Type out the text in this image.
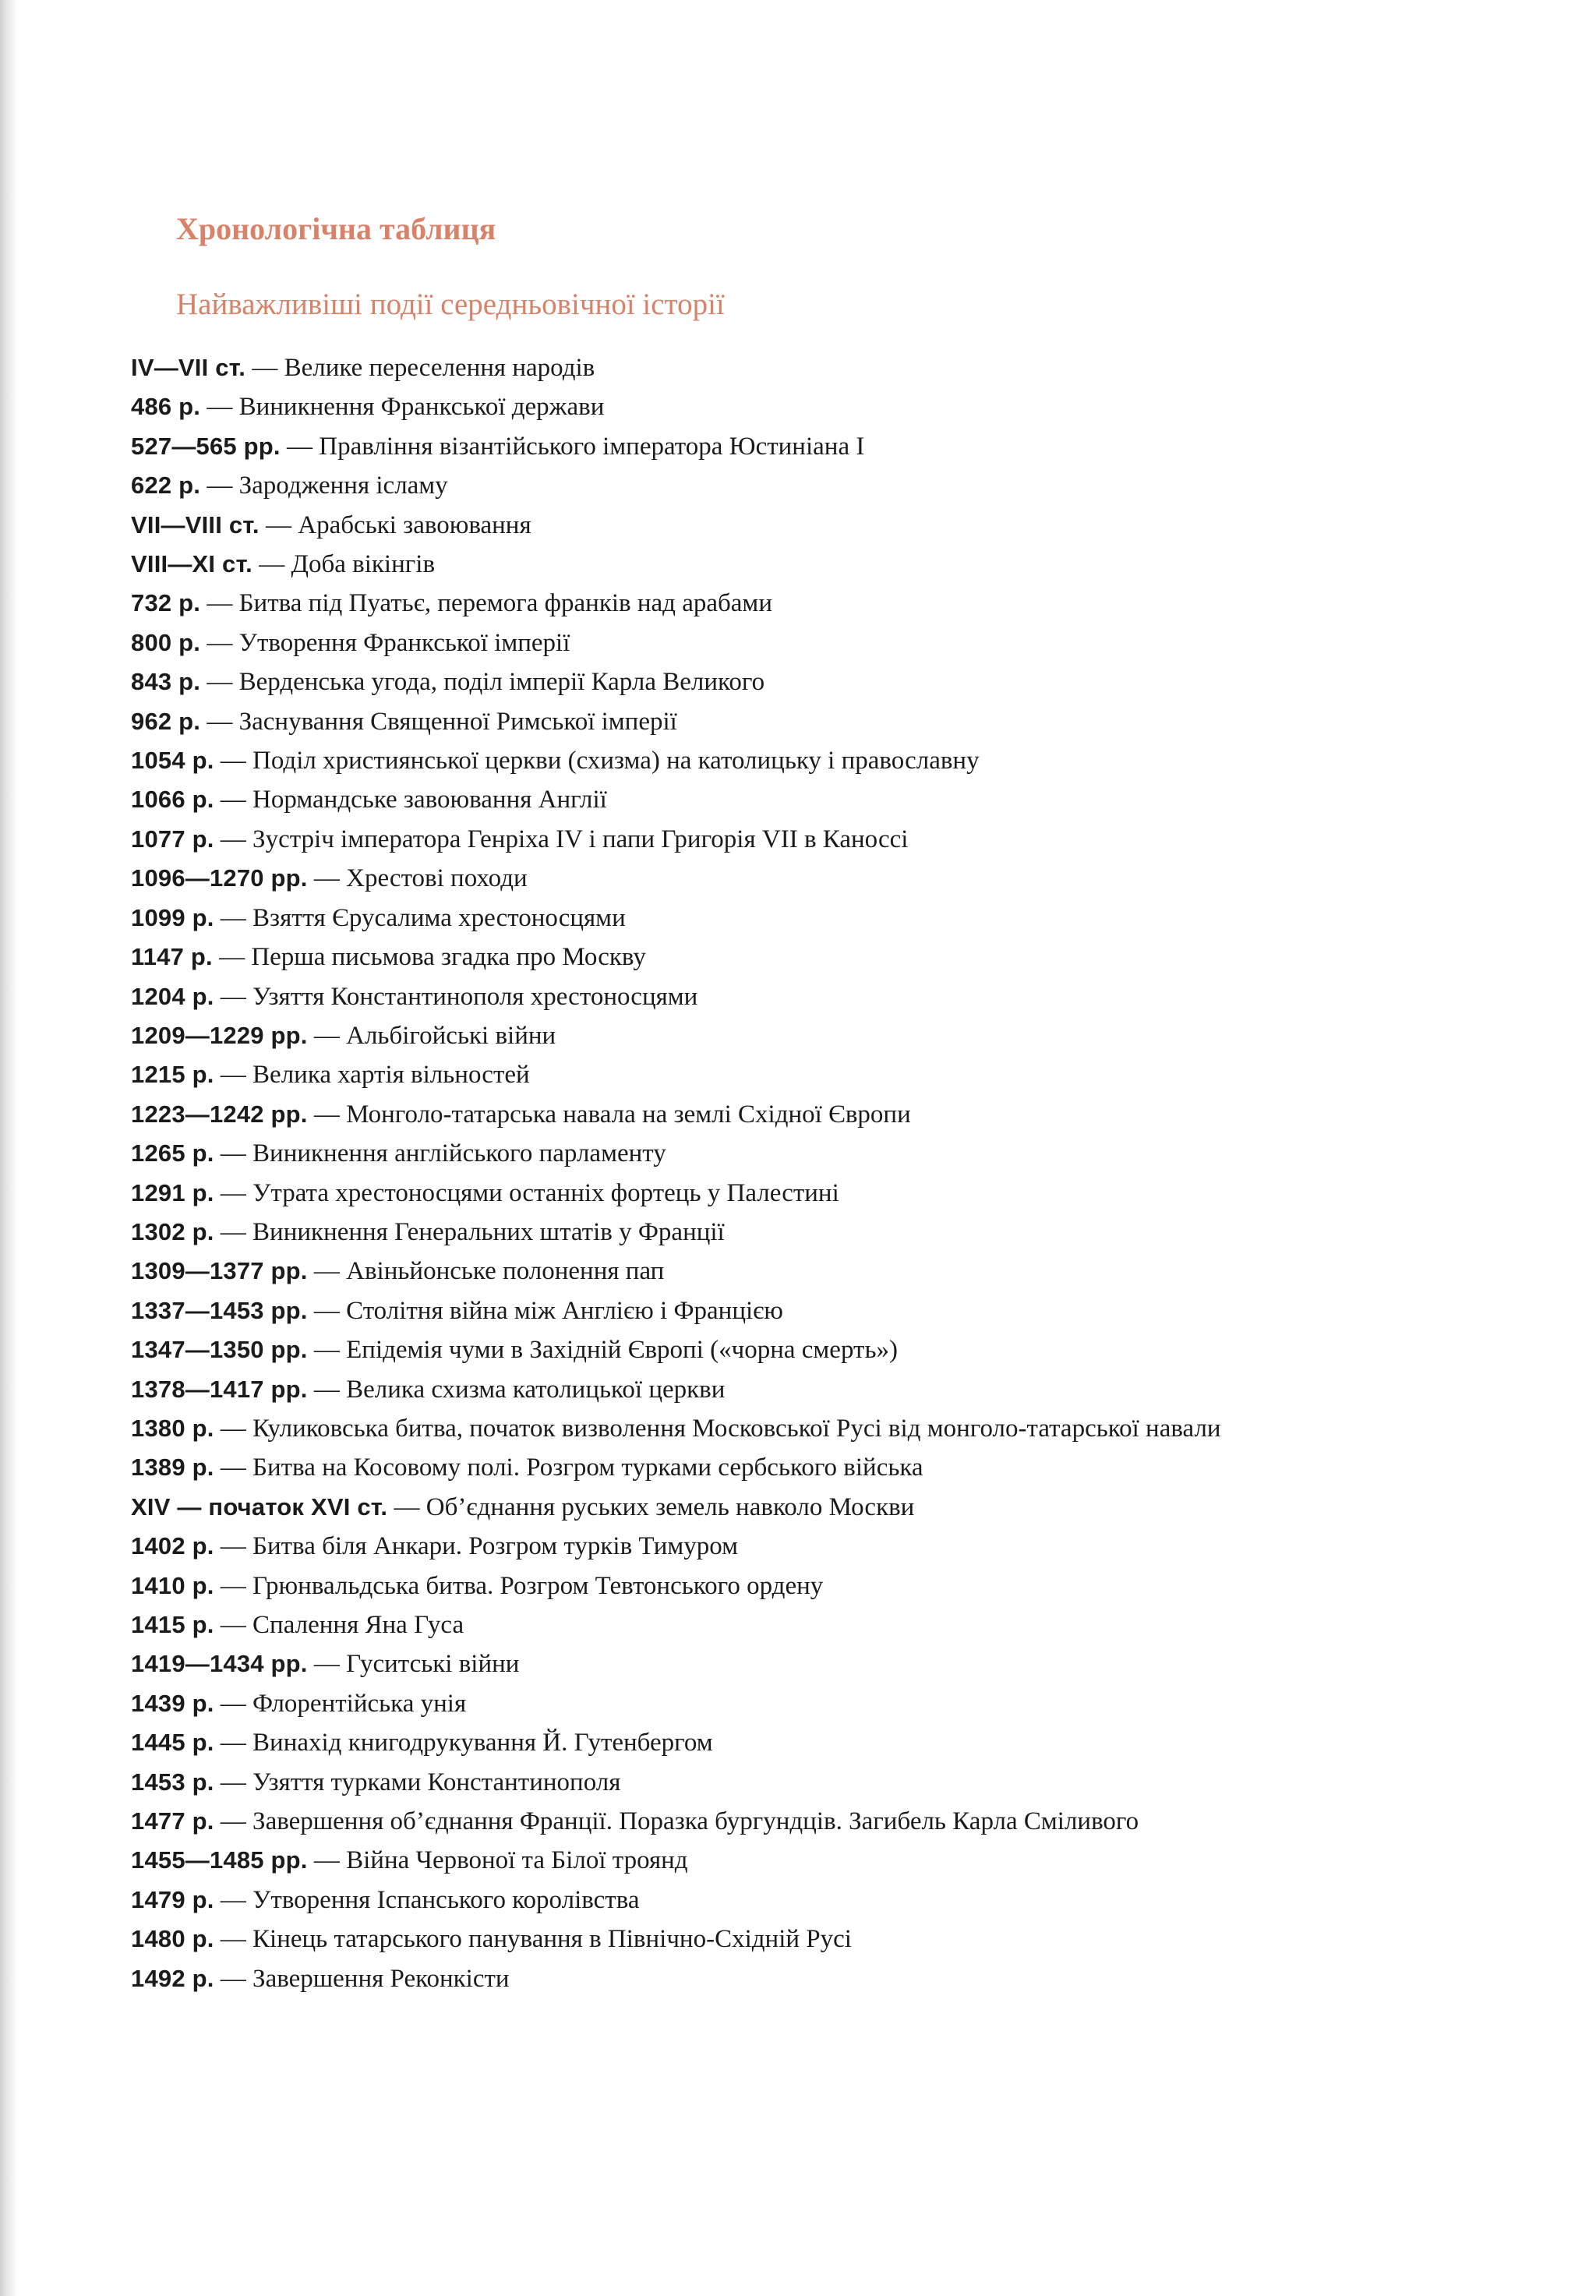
Хронологічна таблиця
Найважливіші події середньовічної історії
IV—VII ст. — Велике переселення народів
486 р. — Виникнення Франкської держави
527—565 рр. — Правління візантійського імператора Юстиніана І
622 р. — Зародження ісламу
VII—VIII ст. — Арабські завоювання
VIII—XI ст. — Доба вікінгів
732 р. — Битва під Пуатьє, перемога франків над арабами
800 р. — Утворення Франкської імперії
843 р. — Верденська угода, поділ імперії Карла Великого
962 р. — Заснування Священної Римської імперії
1054 р. — Поділ християнської церкви (схизма) на католицьку і православну
1066 р. — Нормандське завоювання Англії
1077 р. — Зустріч імператора Генріха IV і папи Григорія VII в Каноссі
1096—1270 рр. — Хрестові походи
1099 р. — Взяття Єрусалима хрестоносцями
1147 р. — Перша письмова згадка про Москву
1204 р. — Узяття Константинополя хрестоносцями
1209—1229 рр. — Альбігойські війни
1215 р. — Велика хартія вільностей
1223—1242 рр. — Монголо-татарська навала на землі Східної Європи
1265 р. — Виникнення англійського парламенту
1291 р. — Утрата хрестоносцями останніх фортець у Палестині
1302 р. — Виникнення Генеральних штатів у Франції
1309—1377 рр. — Авіньйонське полонення пап
1337—1453 рр. — Столітня війна між Англією і Францією
1347—1350 рр. — Епідемія чуми в Західній Європі («чорна смерть»)
1378—1417 рр. — Велика схизма католицької церкви
1380 р. — Куликовська битва, початок визволення Московської Русі від монголо-татарської навали
1389 р. — Битва на Косовому полі. Розгром турками сербського війська
XIV — початок XVI ст. — Об’єднання руських земель навколо Москви
1402 р. — Битва біля Анкари. Розгром турків Тимуром
1410 р. — Грюнвальдська битва. Розгром Тевтонського ордену
1415 р. — Спалення Яна Гуса
1419—1434 рр. — Гуситські війни
1439 р. — Флорентійська унія
1445 р. — Винахід книгодрукування Й. Гутенбергом
1453 р. — Узяття турками Константинополя
1477 р. — Завершення об’єднання Франції. Поразка бургундців. Загибель Карла Сміливого
1455—1485 рр. — Війна Червоної та Білої троянд
1479 р. — Утворення Іспанського королівства
1480 р. — Кінець татарського панування в Північно-Східній Русі
1492 р. — Завершення Реконкісти
